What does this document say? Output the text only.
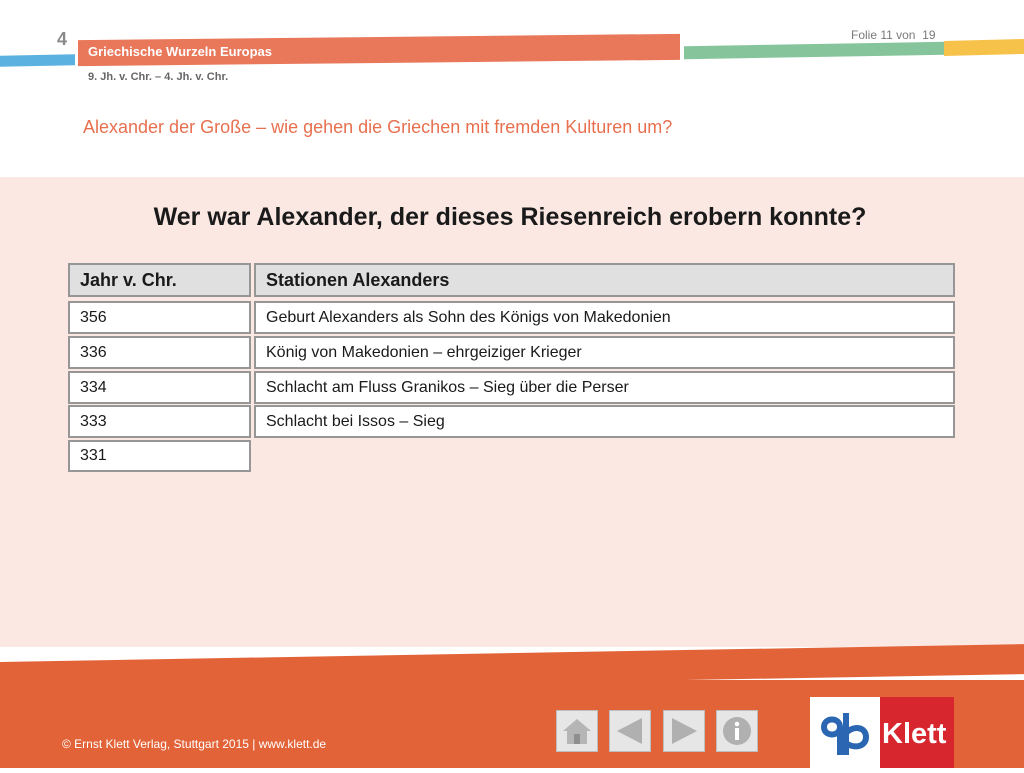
4
Griechische Wurzeln Europas
9. Jh. v. Chr. – 4. Jh. v. Chr.
Folie 11 von  19
Alexander der Große – wie gehen die Griechen mit fremden Kulturen um?
Wer war Alexander, der dieses Riesenreich erobern konnte?
Jahr v. Chr.	Stationen Alexanders
356	Geburt Alexanders als Sohn des Königs von Makedonien
336	König von Makedonien – ehrgeiziger Krieger
334	Schlacht am Fluss Granikos – Sieg über die Perser
333	Schlacht bei Issos – Sieg
331
© Ernst Klett Verlag, Stuttgart 2015 | www.klett.de	Klett
